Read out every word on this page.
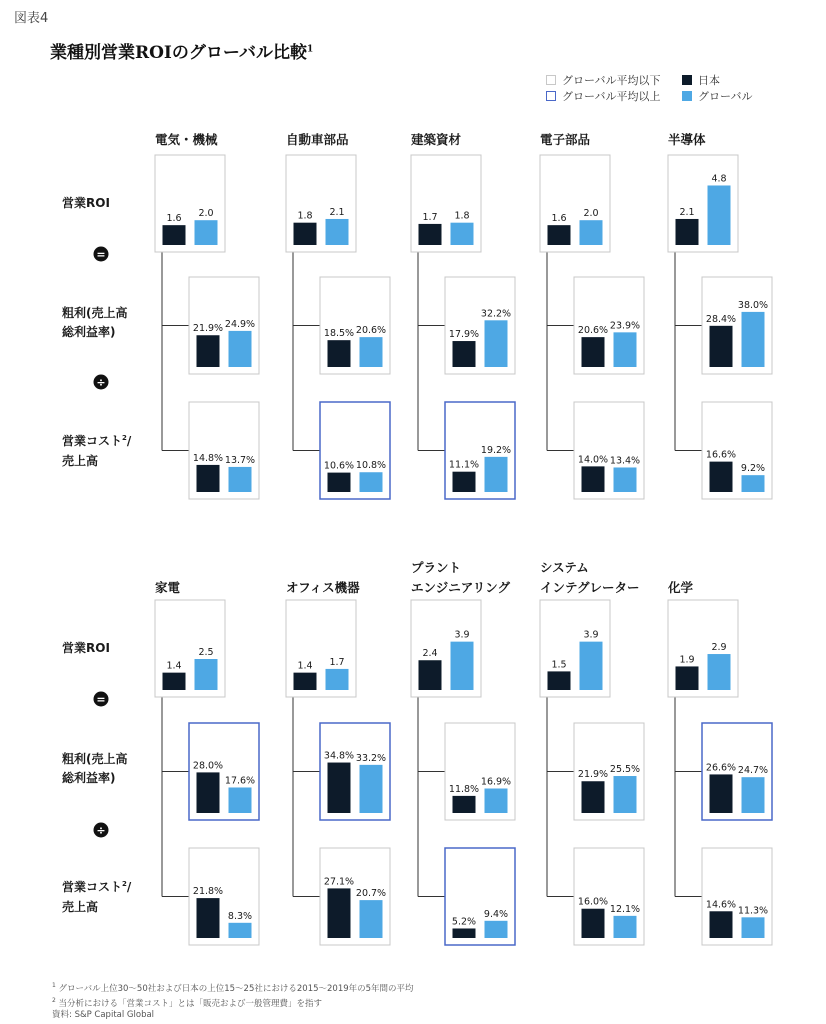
図表4
業種別営業ROIのグローバル比較$^1$
グローバル平均以下
グローバル平均以上
日本
グローバル
電気・機械
1.6 2.0
21.9% 24.9%
14.8% 13.7%
自動車部品
1.8 2.1
18.5% 20.6%
10.6% 10.8%
建築資材
1.7 1.8
17.9%
32.2%
11.1%
19.2%
電子部品
1.6 2.0
20.6% 23.9%
14.0% 13.4%
半導体
2.1
4.8
28.4%
38.0%
16.6%
9.2%
家電
1.4
2.5
28.0%
17.6%
21.8%
8.3%
オフィス機器
1.4 1.7
34.8% 33.2%
27.1%
20.7%
プラント
エンジニアリング
2.4
3.9
11.8%
16.9%
5.2%
9.4%
システム
インテグレーター
1.5
3.9
21.9% 25.5%
16.0%
12.1%
化学
1.9
2.9
26.6% 24.7%
14.6%
11.3%
営業ROI
粗利(売上高
総利益率)
営業コスト$^2$/
売上高
=
÷
営業ROI
粗利(売上高
総利益率)
営業コスト$^2$/
売上高
=
÷
$^1$ グローバル上位30～50社および日本の上位15～25社における2015～2019年の5年間の平均
$^2$ 当分析における「営業コスト」とは「販売および一般管理費」を指す
資料: S&P Capital Global
